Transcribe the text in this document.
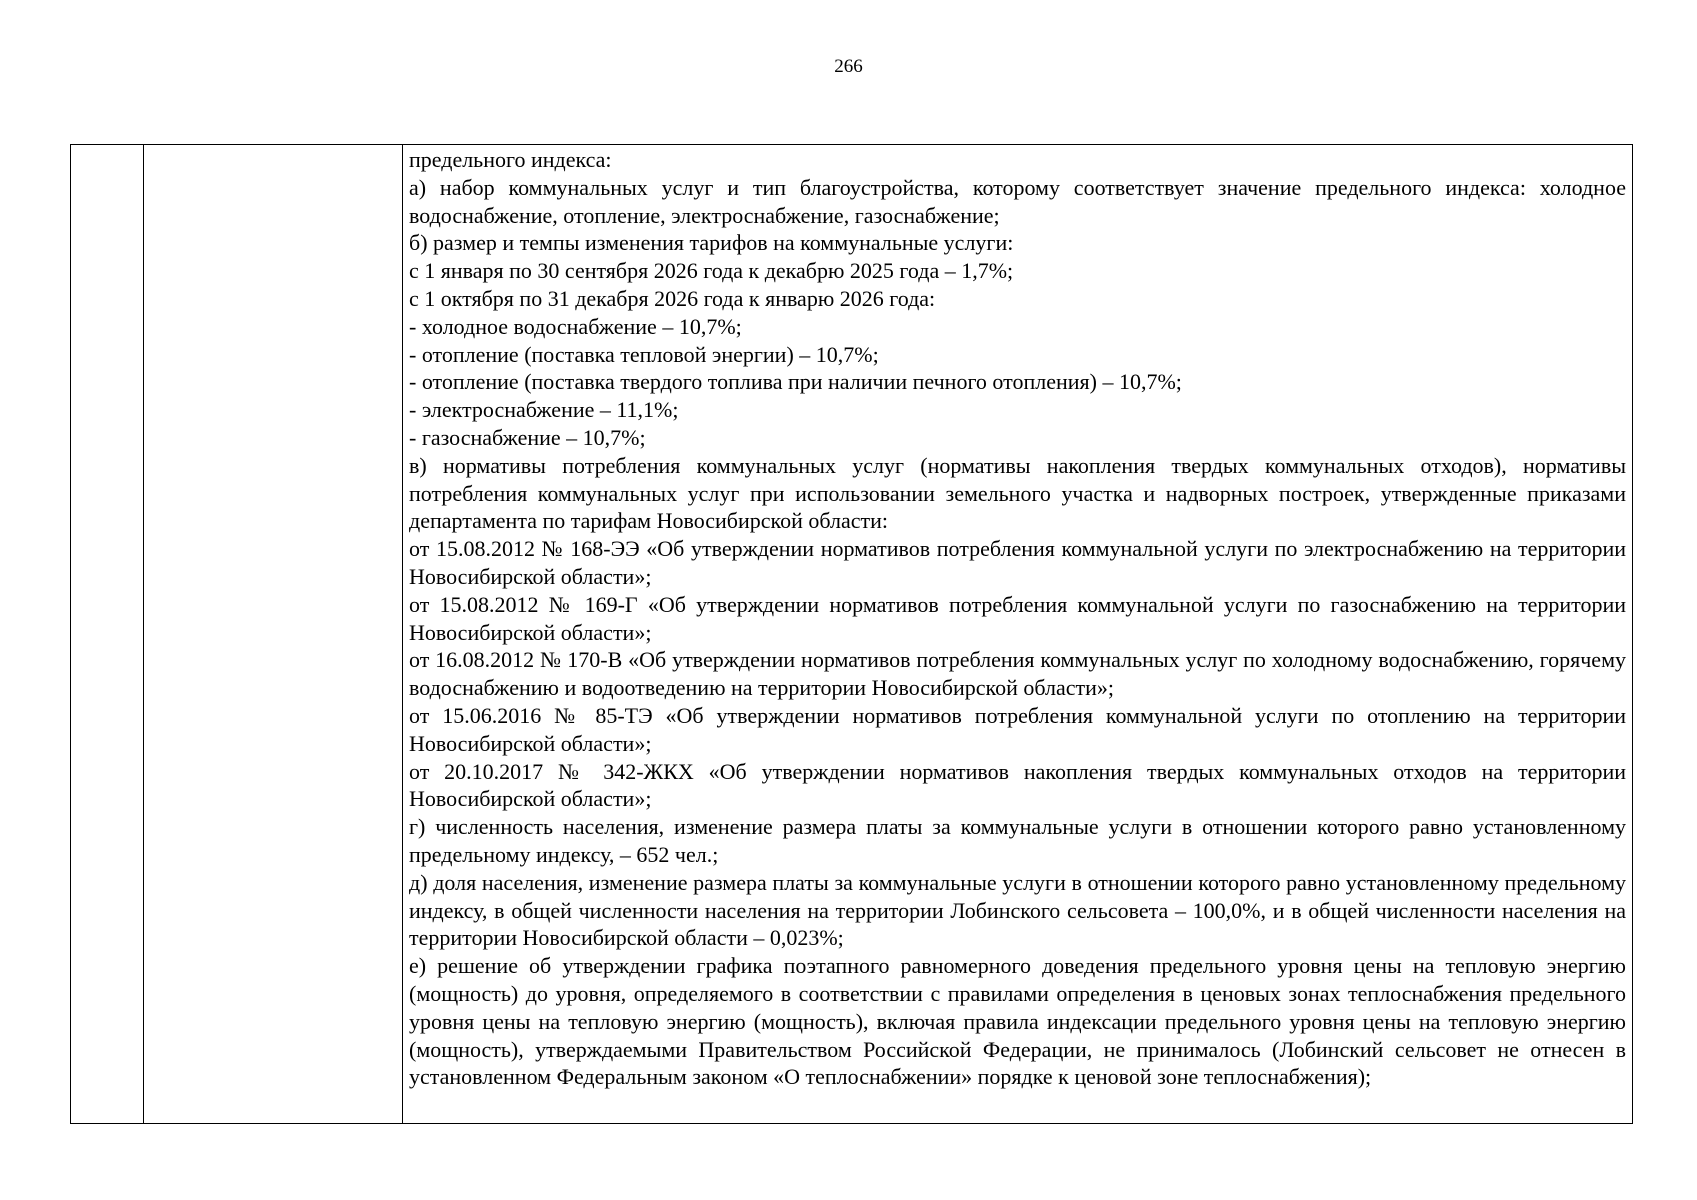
266

предельного индекса:

а) набор коммунальных услуг и тип благоустройства, которому соответствует значение предельного индекса: холодное водоснабжение, отопление, электроснабжение, газоснабжение;

б) размер и темпы изменения тарифов на коммунальные услуги:

с 1 января по 30 сентября 2026 года к декабрю 2025 года – 1,7%;

с 1 октября по 31 декабря 2026 года к январю 2026 года:

- холодное водоснабжение – 10,7%;

- отопление (поставка тепловой энергии) – 10,7%;

- отопление (поставка твердого топлива при наличии печного отопления) – 10,7%;

- электроснабжение – 11,1%;

- газоснабжение – 10,7%;

в) нормативы потребления коммунальных услуг (нормативы накопления твердых коммунальных отходов), нормативы потребления коммунальных услуг при использовании земельного участка и надворных построек, утвержденные приказами департамента по тарифам Новосибирской области:

от 15.08.2012 № 168-ЭЭ «Об утверждении нормативов потребления коммунальной услуги по электроснабжению на территории Новосибирской области»;

от 15.08.2012 № 169-Г «Об утверждении нормативов потребления коммунальной услуги по газоснабжению на территории Новосибирской области»;

от 16.08.2012 № 170-В «Об утверждении нормативов потребления коммунальных услуг по холодному водоснабжению, горячему водоснабжению и водоотведению на территории Новосибирской области»;

от 15.06.2016 № 85-ТЭ «Об утверждении нормативов потребления коммунальной услуги по отоплению на территории Новосибирской области»;

от 20.10.2017 № 342-ЖКХ «Об утверждении нормативов накопления твердых коммунальных отходов на территории Новосибирской области»;

г) численность населения, изменение размера платы за коммунальные услуги в отношении которого равно установленному предельному индексу, – 652 чел.;

д) доля населения, изменение размера платы за коммунальные услуги в отношении которого равно установленному предельному индексу, в общей численности населения на территории Лобинского сельсовета – 100,0%, и в общей численности населения на территории Новосибирской области – 0,023%;

е) решение об утверждении графика поэтапного равномерного доведения предельного уровня цены на тепловую энергию (мощность) до уровня, определяемого в соответствии с правилами определения в ценовых зонах теплоснабжения предельного уровня цены на тепловую энергию (мощность), включая правила индексации предельного уровня цены на тепловую энергию (мощность), утверждаемыми Правительством Российской Федерации, не принималось (Лобинский сельсовет не отнесен в установленном Федеральным законом «О теплоснабжении» порядке к ценовой зоне теплоснабжения);
